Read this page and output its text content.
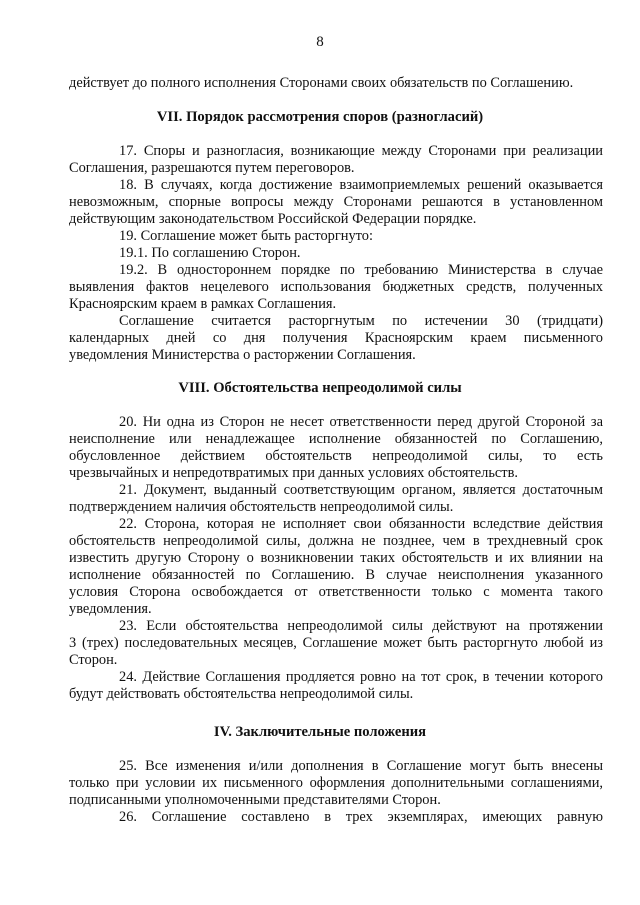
8
действует до полного исполнения Сторонами своих обязательств по Соглашению.
VII. Порядок рассмотрения споров (разногласий)
17. Споры и разногласия, возникающие между Сторонами при реализации
Соглашения, разрешаются путем переговоров.
18. В случаях, когда достижение взаимоприемлемых решений оказывается
невозможным, спорные вопросы между Сторонами решаются в установленном
действующим законодательством Российской Федерации порядке.
19. Соглашение может быть расторгнуто:
19.1. По соглашению Сторон.
19.2. В одностороннем порядке по требованию Министерства в случае
выявления фактов нецелевого использования бюджетных средств, полученных
Красноярским краем в рамках Соглашения.
Соглашение считается расторгнутым по истечении 30 (тридцати)
календарных дней со дня получения Красноярским краем письменного
уведомления Министерства о расторжении Соглашения.
VIII. Обстоятельства непреодолимой силы
20. Ни одна из Сторон не несет ответственности перед другой Стороной за
неисполнение или ненадлежащее исполнение обязанностей по Соглашению,
обусловленное действием обстоятельств непреодолимой силы, то есть
чрезвычайных и непредотвратимых при данных условиях обстоятельств.
21. Документ, выданный соответствующим органом, является достаточным
подтверждением наличия обстоятельств непреодолимой силы.
22. Сторона, которая не исполняет свои обязанности вследствие действия
обстоятельств непреодолимой силы, должна не позднее, чем в трехдневный срок
известить другую Сторону о возникновении таких обстоятельств и их влиянии на
исполнение обязанностей по Соглашению. В случае неисполнения указанного
условия Сторона освобождается от ответственности только с момента такого
уведомления.
23. Если обстоятельства непреодолимой силы действуют на протяжении
3 (трех) последовательных месяцев, Соглашение может быть расторгнуто любой из
Сторон.
24. Действие Соглашения продляется ровно на тот срок, в течении которого
будут действовать обстоятельства непреодолимой силы.
IV. Заключительные положения
25. Все изменения и/или дополнения в Соглашение могут быть внесены
только при условии их письменного оформления дополнительными соглашениями,
подписанными уполномоченными представителями Сторон.
26. Соглашение составлено в трех экземплярах, имеющих равную
